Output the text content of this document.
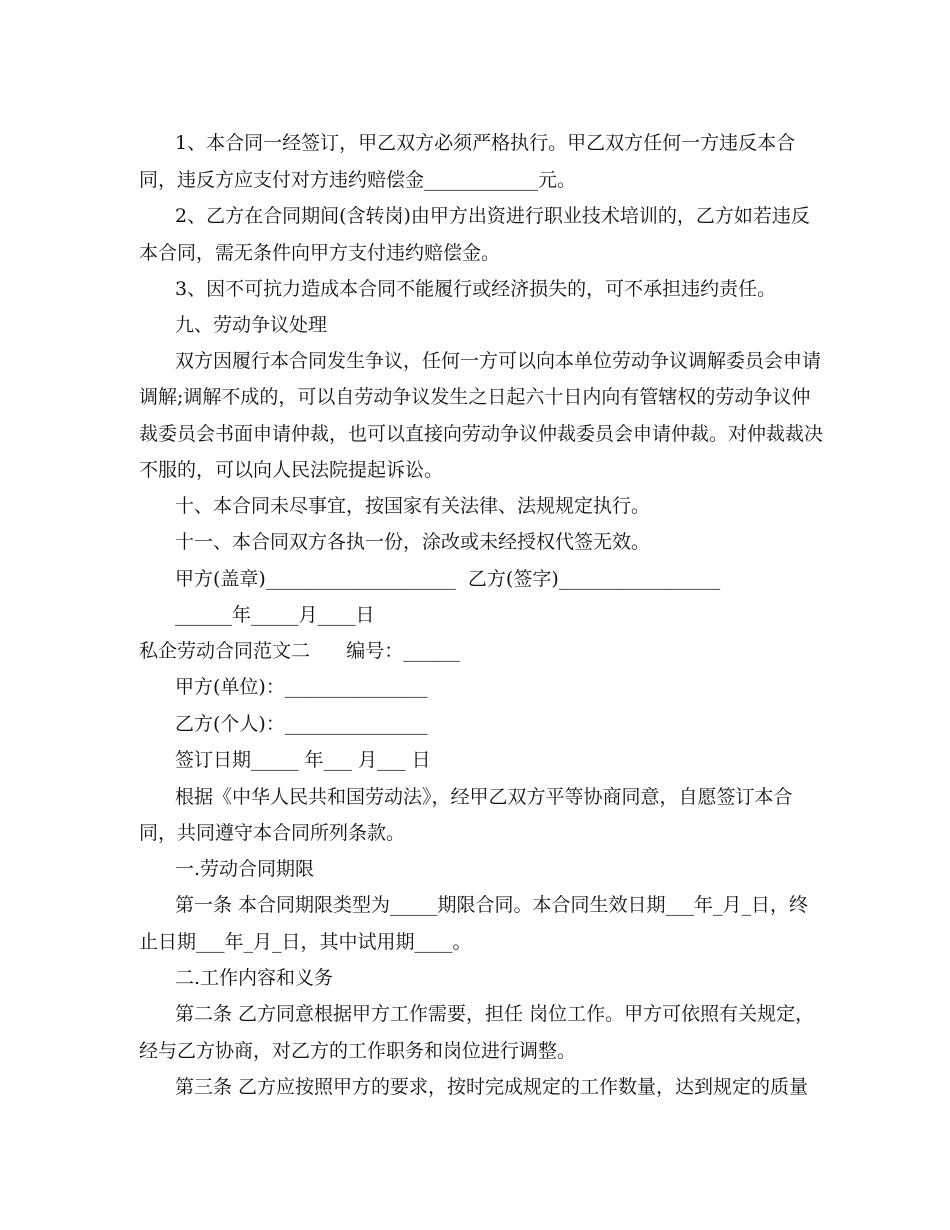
1、本合同一经签订，甲乙双方必须严格执行。甲乙双方任何一方违反本合
同，违反方应支付对方违约赔偿金____________元。
2、乙方在合同期间(含转岗)由甲方出资进行职业技术培训的，乙方如若违反
本合同，需无条件向甲方支付违约赔偿金。
3、因不可抗力造成本合同不能履行或经济损失的，可不承担违约责任。
九、劳动争议处理
双方因履行本合同发生争议，任何一方可以向本单位劳动争议调解委员会申请
调解;调解不成的，可以自劳动争议发生之日起六十日内向有管辖权的劳动争议仲
裁委员会书面申请仲裁，也可以直接向劳动争议仲裁委员会申请仲裁。对仲裁裁决
不服的，可以向人民法院提起诉讼。
十、本合同未尽事宜，按国家有关法律、法规规定执行。
十一、本合同双方各执一份，涂改或未经授权代签无效。
甲方(盖章)____________________  乙方(签字)_________________
______年_____月____日
私企劳动合同范文二      编号：______
甲方(单位)：_______________
乙方(个人)：_______________
签订日期_____ 年___ 月___ 日
根据《中华人民共和国劳动法》，经甲乙双方平等协商同意，自愿签订本合
同，共同遵守本合同所列条款。
一.劳动合同期限
第一条 本合同期限类型为_____期限合同。本合同生效日期___年_月_日，终
止日期___年_月_日，其中试用期____。
二.工作内容和义务
第二条 乙方同意根据甲方工作需要，担任 岗位工作。甲方可依照有关规定，
经与乙方协商，对乙方的工作职务和岗位进行调整。
第三条 乙方应按照甲方的要求，按时完成规定的工作数量，达到规定的质量
